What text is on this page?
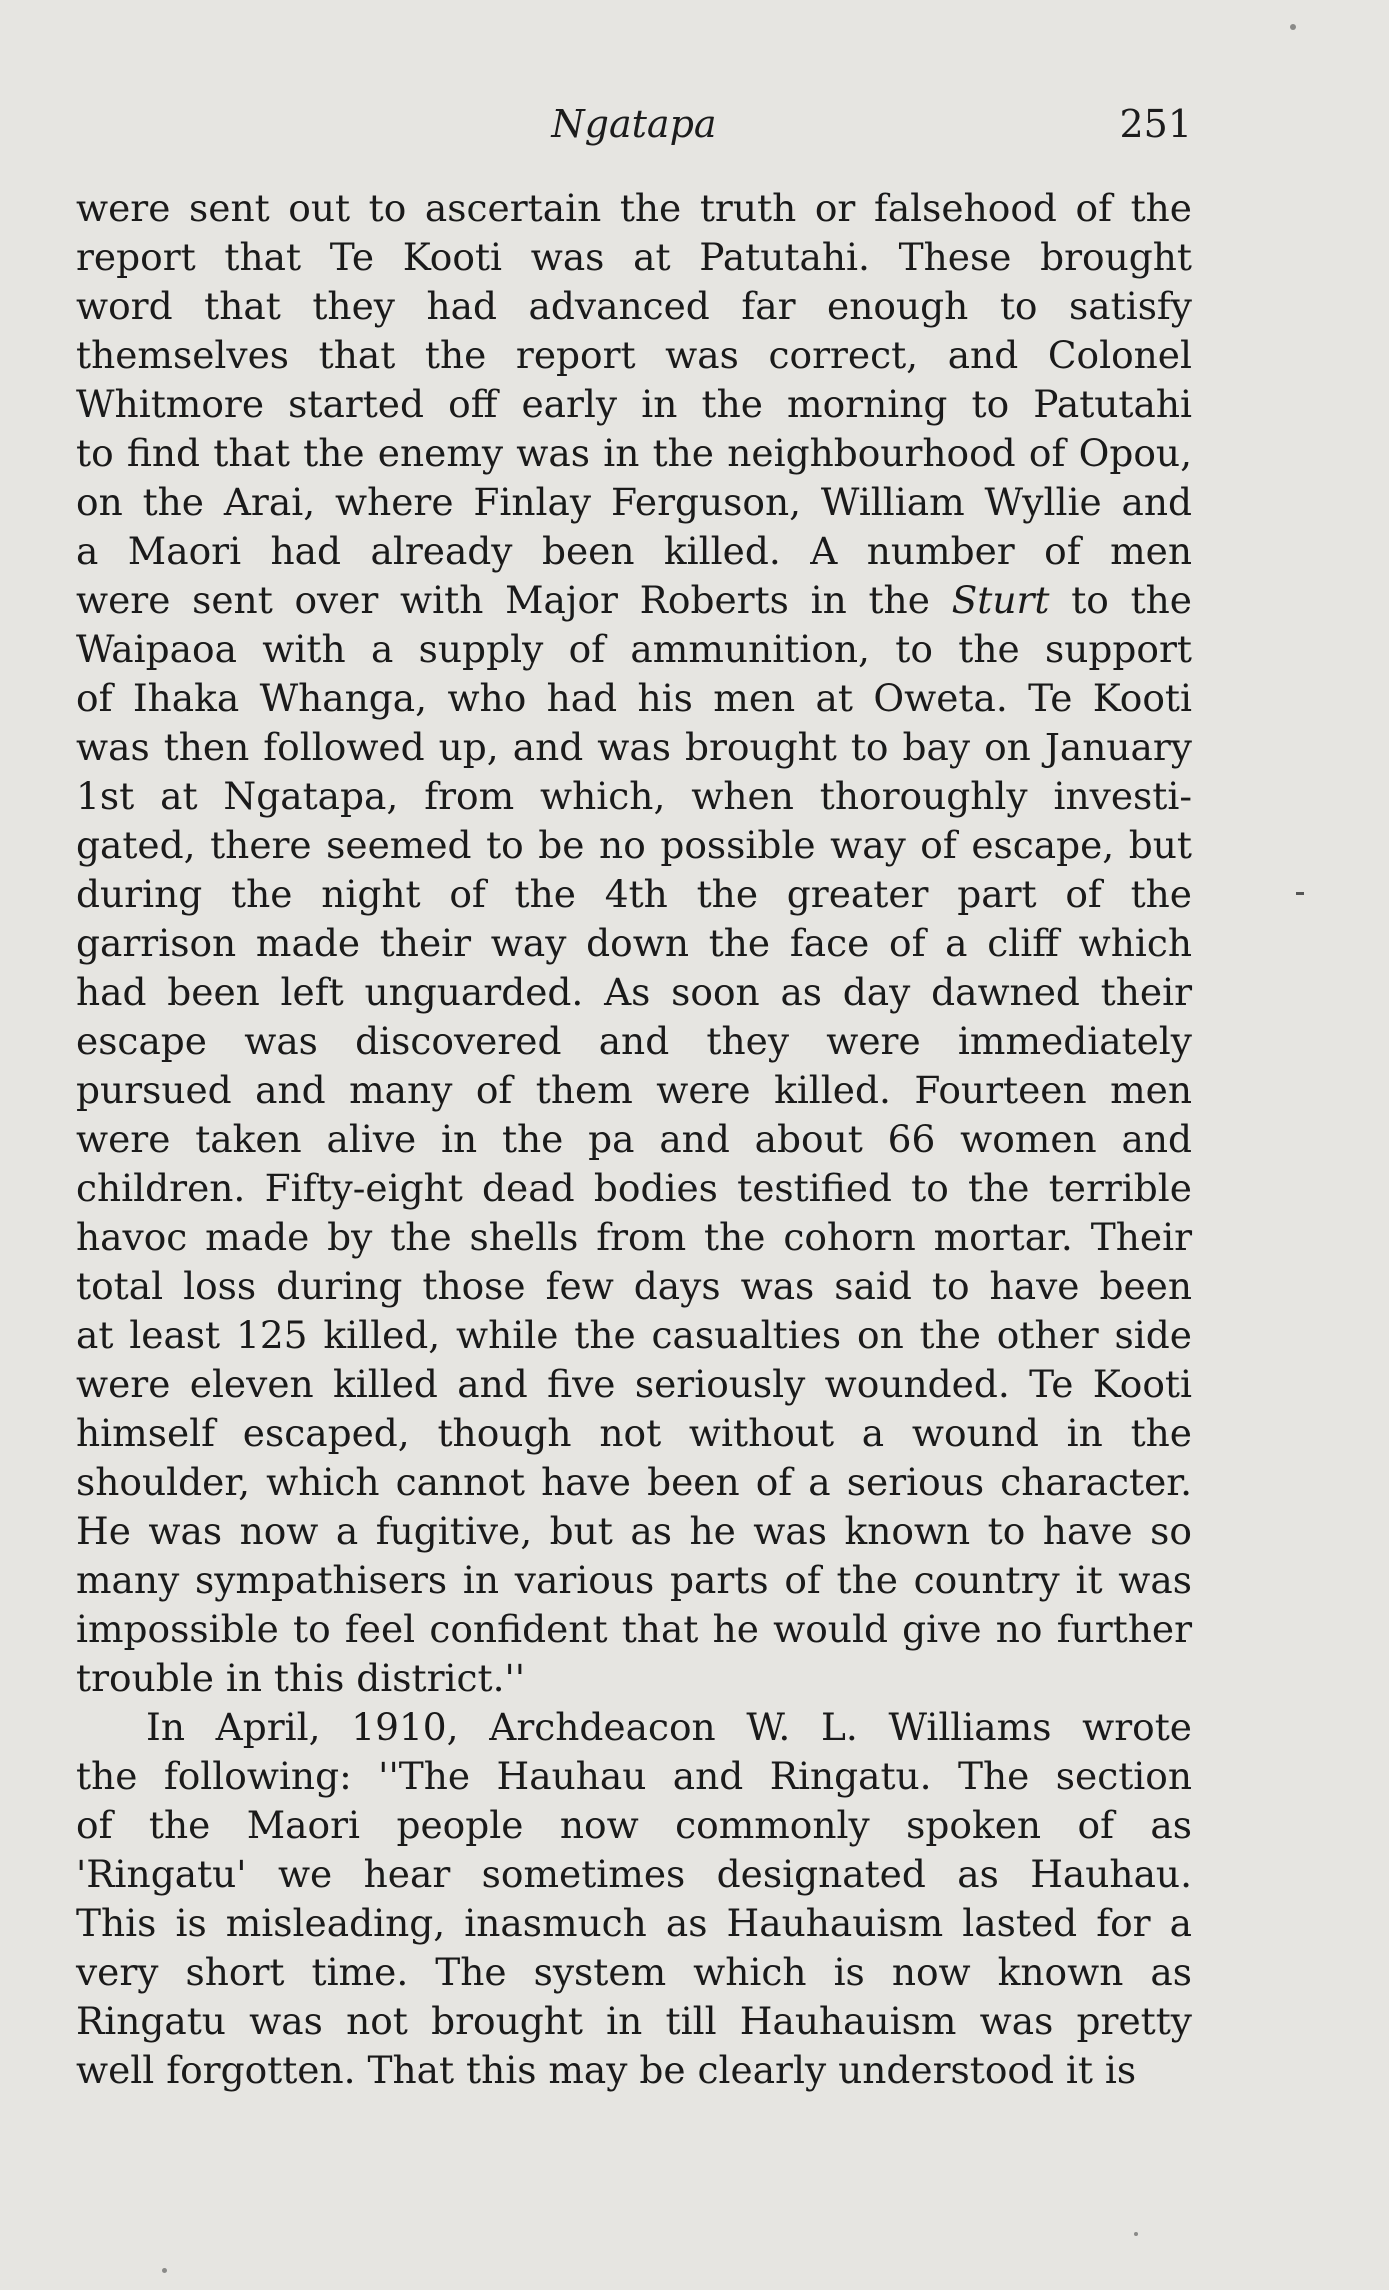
Ngatapa	251

were sent out to ascertain the truth or falsehood of the
report that Te Kooti was at Patutahi. These brought
word that they had advanced far enough to satisfy
themselves that the report was correct, and Colonel
Whitmore started off early in the morning to Patutahi
to find that the enemy was in the neighbourhood of Opou,
on the Arai, where Finlay Ferguson, William Wyllie and
a Maori had already been killed. A number of men
were sent over with Major Roberts in the Sturt to the
Waipaoa with a supply of ammunition, to the support
of Ihaka Whanga, who had his men at Oweta. Te Kooti
was then followed up, and was brought to bay on January
1st at Ngatapa, from which, when thoroughly investi-
gated, there seemed to be no possible way of escape, but
during the night of the 4th the greater part of the
garrison made their way down the face of a cliff which
had been left unguarded. As soon as day dawned their
escape was discovered and they were immediately
pursued and many of them were killed. Fourteen men
were taken alive in the pa and about 66 women and
children. Fifty-eight dead bodies testified to the terrible
havoc made by the shells from the cohorn mortar. Their
total loss during those few days was said to have been
at least 125 killed, while the casualties on the other side
were eleven killed and five seriously wounded. Te Kooti
himself escaped, though not without a wound in the
shoulder, which cannot have been of a serious character.
He was now a fugitive, but as he was known to have so
many sympathisers in various parts of the country it was
impossible to feel confident that he would give no further
trouble in this district.''

In April, 1910, Archdeacon W. L. Williams wrote
the following: ''The Hauhau and Ringatu. The section
of the Maori people now commonly spoken of as
'Ringatu' we hear sometimes designated as Hauhau.
This is misleading, inasmuch as Hauhauism lasted for a
very short time. The system which is now known as
Ringatu was not brought in till Hauhauism was pretty
well forgotten. That this may be clearly understood it is
